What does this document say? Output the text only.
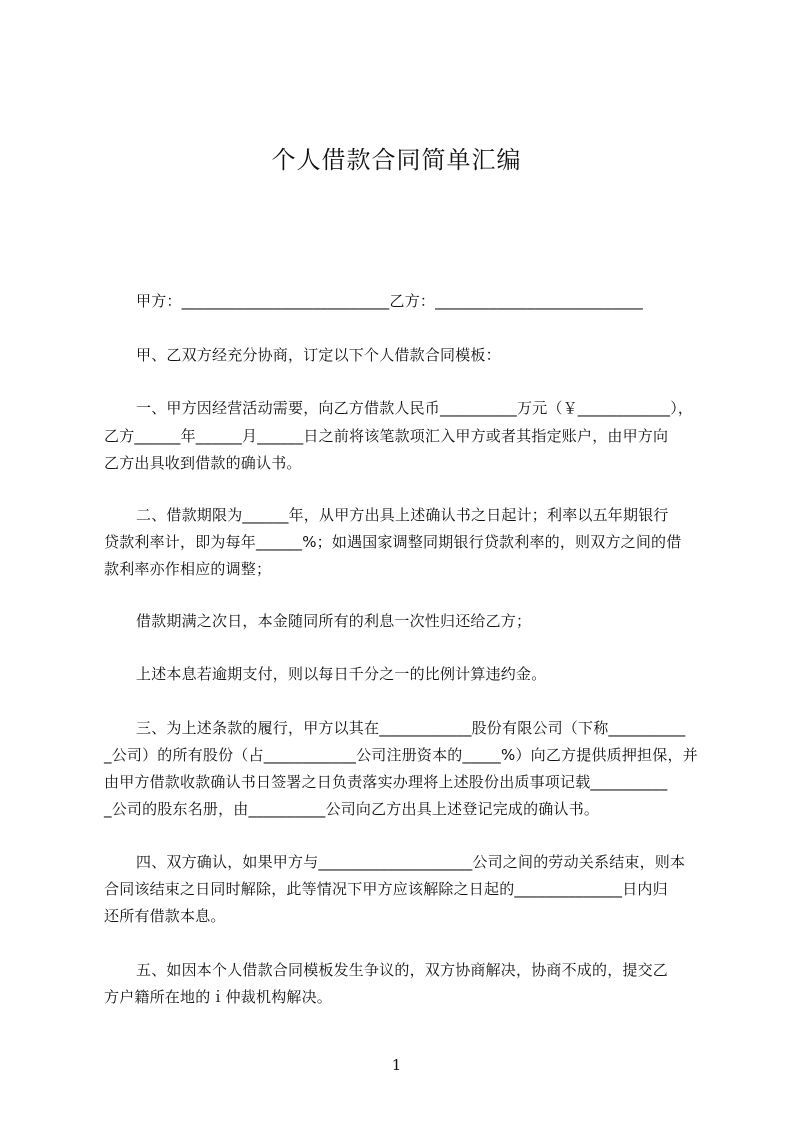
个人借款合同简单汇编
甲方：___________________________乙方：___________________________
甲、乙双方经充分协商，订定以下个人借款合同模板：
一、甲方因经营活动需要，向乙方借款人民币__________万元（￥____________），
乙方______年______月______日之前将该笔款项汇入甲方或者其指定账户，由甲方向
乙方出具收到借款的确认书。
二、借款期限为______年，从甲方出具上述确认书之日起计；利率以五年期银行
贷款利率计，即为每年______%；如遇国家调整同期银行贷款利率的，则双方之间的借
款利率亦作相应的调整；
借款期满之次日，本金随同所有的利息一次性归还给乙方；
上述本息若逾期支付，则以每日千分之一的比例计算违约金。
三、为上述条款的履行，甲方以其在____________股份有限公司（下称__________
_公司）的所有股份（占____________公司注册资本的_____%）向乙方提供质押担保，并
由甲方借款收款确认书日签署之日负责落实办理将上述股份出质事项记载__________
_公司的股东名册，由__________公司向乙方出具上述登记完成的确认书。
四、双方确认，如果甲方与____________________公司之间的劳动关系结束，则本
合同该结束之日同时解除，此等情况下甲方应该解除之日起的______________日内归
还所有借款本息。
五、如因本个人借款合同模板发生争议的，双方协商解决，协商不成的，提交乙
方户籍所在地的ｉ仲裁机构解决。
1
